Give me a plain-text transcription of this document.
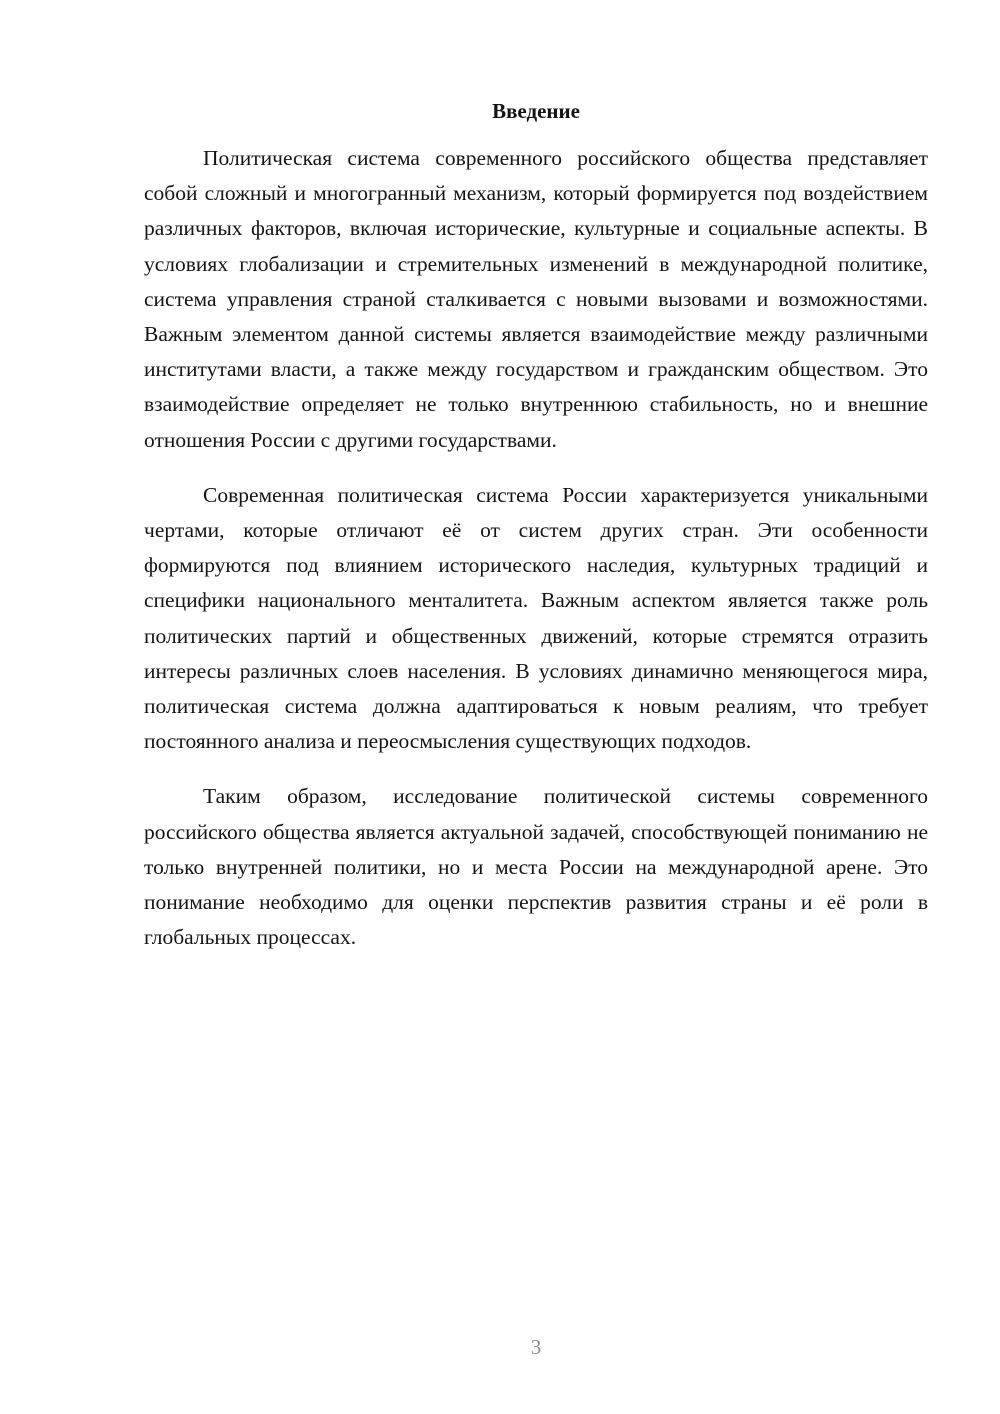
Введение

Политическая система современного российского общества представляет собой сложный и многогранный механизм, который формируется под воздействием различных факторов, включая исторические, культурные и социальные аспекты. В условиях глобализации и стремительных изменений в международной политике, система управления страной сталкивается с новыми вызовами и возможностями. Важным элементом данной системы является взаимодействие между различными институтами власти, а также между государством и гражданским обществом. Это взаимодействие определяет не только внутреннюю стабильность, но и внешние отношения России с другими государствами.

Современная политическая система России характеризуется уникальными чертами, которые отличают её от систем других стран. Эти особенности формируются под влиянием исторического наследия, культурных традиций и специфики национального менталитета. Важным аспектом является также роль политических партий и общественных движений, которые стремятся отразить интересы различных слоев населения. В условиях динамично меняющегося мира, политическая система должна адаптироваться к новым реалиям, что требует постоянного анализа и переосмысления существующих подходов.

Таким образом, исследование политической системы современного российского общества является актуальной задачей, способствующей пониманию не только внутренней политики, но и места России на международной арене. Это понимание необходимо для оценки перспектив развития страны и её роли в глобальных процессах.

3
